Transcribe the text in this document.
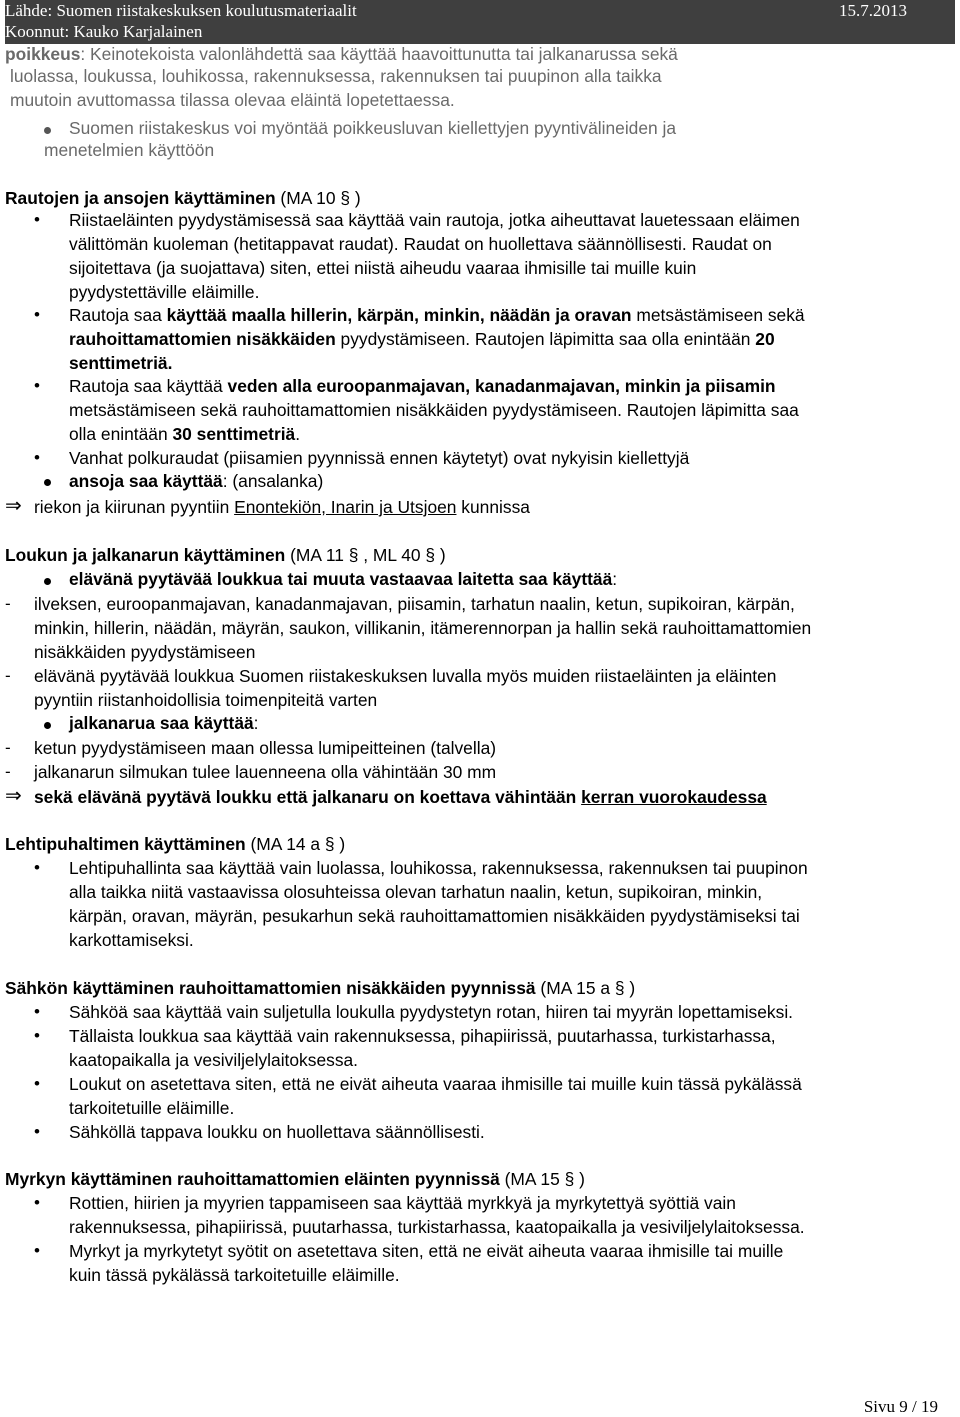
Lähde: Suomen riistakeskuksen koulutusmateriaalit
Koonnut: Kauko Karjalainen
15.7.2013
poikkeus: Keinotekoista valonlähdettä saa käyttää haavoittunutta tai jalkanarussa sekä
luolassa, loukussa, louhikossa, rakennuksessa, rakennuksen tai puupinon alla taikka
muutoin avuttomassa tilassa olevaa eläintä lopetettaessa.
Suomen riistakeskus voi myöntää poikkeusluvan kiellettyjen pyyntivälineiden ja
menetelmien käyttöön
Rautojen ja ansojen käyttäminen (MA 10 § )
• Riistaeläinten pyydystämisessä saa käyttää vain rautoja, jotka aiheuttavat lauetessaan eläimen
välittömän kuoleman (hetitappavat raudat). Raudat on huollettava säännöllisesti. Raudat on
sijoitettava (ja suojattava) siten, ettei niistä aiheudu vaaraa ihmisille tai muille kuin
pyydystettäville eläimille.
• Rautoja saa käyttää maalla hillerin, kärpän, minkin, näädän ja oravan metsästämiseen sekä
rauhoittamattomien nisäkkäiden pyydystämiseen. Rautojen läpimitta saa olla enintään 20
senttimetriä.
• Rautoja saa käyttää veden alla euroopanmajavan, kanadanmajavan, minkin ja piisamin
metsästämiseen sekä rauhoittamattomien nisäkkäiden pyydystämiseen. Rautojen läpimitta saa
olla enintään 30 senttimetriä.
• Vanhat polkuraudat (piisamien pyynnissä ennen käytetyt) ovat nykyisin kiellettyjä
ansoja saa käyttää: (ansalanka)
⇒ riekon ja kiirunan pyyntiin Enontekiön, Inarin ja Utsjoen kunnissa
Loukun ja jalkanarun käyttäminen (MA 11 § , ML 40 § )
elävänä pyytävää loukkua tai muuta vastaavaa laitetta saa käyttää:
- ilveksen, euroopanmajavan, kanadanmajavan, piisamin, tarhatun naalin, ketun, supikoiran, kärpän,
minkin, hillerin, näädän, mäyrän, saukon, villikanin, itämerennorpan ja hallin sekä rauhoittamattomien
nisäkkäiden pyydystämiseen
- elävänä pyytävää loukkua Suomen riistakeskuksen luvalla myös muiden riistaeläinten ja eläinten
pyyntiin riistanhoidollisia toimenpiteitä varten
jalkanarua saa käyttää:
- ketun pyydystämiseen maan ollessa lumipeitteinen (talvella)
- jalkanarun silmukan tulee lauenneena olla vähintään 30 mm
⇒ sekä elävänä pyytävä loukku että jalkanaru on koettava vähintään kerran vuorokaudessa
Lehtipuhaltimen käyttäminen (MA 14 a § )
• Lehtipuhallinta saa käyttää vain luolassa, louhikossa, rakennuksessa, rakennuksen tai puupinon
alla taikka niitä vastaavissa olosuhteissa olevan tarhatun naalin, ketun, supikoiran, minkin,
kärpän, oravan, mäyrän, pesukarhun sekä rauhoittamattomien nisäkkäiden pyydystämiseksi tai
karkottamiseksi.
Sähkön käyttäminen rauhoittamattomien nisäkkäiden pyynnissä (MA 15 a § )
• Sähköä saa käyttää vain suljetulla loukulla pyydystetyn rotan, hiiren tai myyrän lopettamiseksi.
• Tällaista loukkua saa käyttää vain rakennuksessa, pihapiirissä, puutarhassa, turkistarhassa,
kaatopaikalla ja vesiviljelylaitoksessa.
• Loukut on asetettava siten, että ne eivät aiheuta vaaraa ihmisille tai muille kuin tässä pykälässä
tarkoitetuille eläimille.
• Sähköllä tappava loukku on huollettava säännöllisesti.
Myrkyn käyttäminen rauhoittamattomien eläinten pyynnissä (MA 15 § )
• Rottien, hiirien ja myyrien tappamiseen saa käyttää myrkkyä ja myrkytettyä syöttiä vain
rakennuksessa, pihapiirissä, puutarhassa, turkistarhassa, kaatopaikalla ja vesiviljelylaitoksessa.
• Myrkyt ja myrkytetyt syötit on asetettava siten, että ne eivät aiheuta vaaraa ihmisille tai muille
kuin tässä pykälässä tarkoitetuille eläimille.
Sivu 9 / 19
